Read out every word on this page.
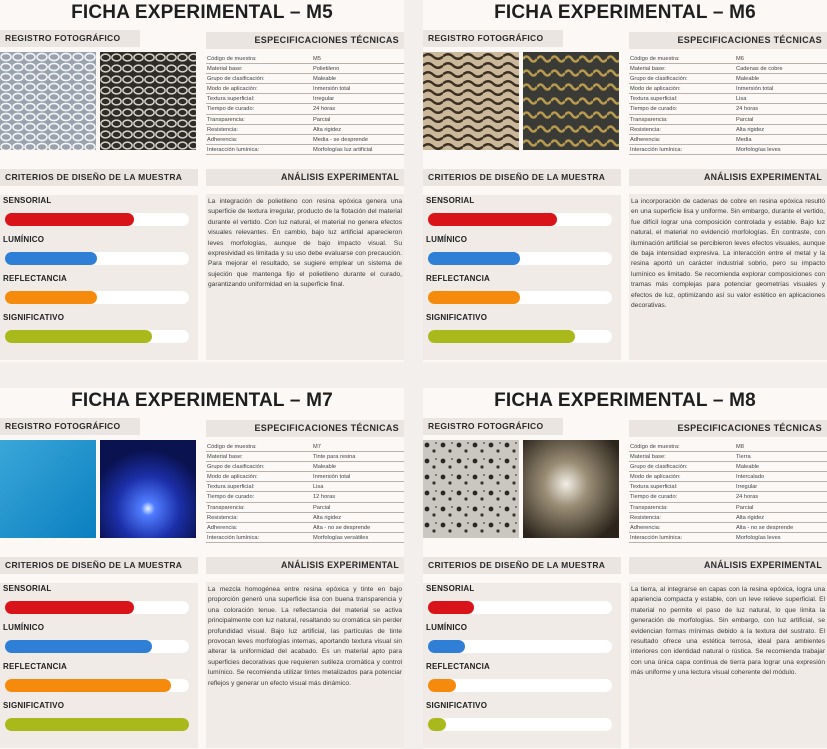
FICHA EXPERIMENTAL – M5
REGISTRO FOTOGRÁFICO	ESPECIFICACIONES TÉCNICAS
Código de muestra:	M5
Material base:	Polietileno
Grupo de clasificación:	Maleable
Modo de aplicación:	Inmersión total
Textura superficial:	Irregular
Tiempo de curado:	24 horas
Transparencia:	Parcial
Resistencia:	Alta rigidez
Adherencia:	Media - se desprende
Interacción lumínica:	Morfologías luz artificial
CRITERIOS DE DISEÑO DE LA MUESTRA	ANÁLISIS EXPERIMENTAL
SENSORIAL
LUMÍNICO
REFLECTANCIA
SIGNIFICATIVO
La integración de polietileno con resina epóxica genera una superficie de textura irregular, producto de la flotación del material durante el vertido. Con luz natural, el material no genera efectos visuales relevantes. En cambio, bajo luz artificial aparecieron leves morfologías, aunque de bajo impacto visual. Su expresividad es limitada y su uso debe evaluarse con precaución. Para mejorar el resultado, se sugiere emplear un sistema de sujeción que mantenga fijo el polietileno durante el curado, garantizando uniformidad en la superficie final.
FICHA EXPERIMENTAL – M6
REGISTRO FOTOGRÁFICO	ESPECIFICACIONES TÉCNICAS
Código de muestra:	M6
Material base:	Cadenas de cobre
Grupo de clasificación:	Maleable
Modo de aplicación:	Inmersión total
Textura superficial:	Lisa
Tiempo de curado:	24 horas
Transparencia:	Parcial
Resistencia:	Alta rigidez
Adherencia:	Media
Interacción lumínica:	Morfologías leves
CRITERIOS DE DISEÑO DE LA MUESTRA	ANÁLISIS EXPERIMENTAL
SENSORIAL
LUMÍNICO
REFLECTANCIA
SIGNIFICATIVO
La incorporación de cadenas de cobre en resina epóxica resultó en una superficie lisa y uniforme. Sin embargo, durante el vertido, fue difícil lograr una composición controlada y estable. Bajo luz natural, el material no evidenció morfologías. En contraste, con iluminación artificial se percibieron leves efectos visuales, aunque de baja intensidad expresiva. La interacción entre el metal y la resina aportó un carácter industrial sobrio, pero su impacto lumínico es limitado. Se recomienda explorar composiciones con tramas más complejas para potenciar geometrías visuales y efectos de luz, optimizando así su valor estético en aplicaciones decorativas.
FICHA EXPERIMENTAL – M7
REGISTRO FOTOGRÁFICO	ESPECIFICACIONES TÉCNICAS
Código de muestra:	M7
Material base:	Tinte para resina
Grupo de clasificación:	Maleable
Modo de aplicación:	Inmersión total
Textura superficial:	Lisa
Tiempo de curado:	12 horas
Transparencia:	Parcial
Resistencia:	Alta rigidez
Adherencia:	Alta - no se desprende
Interacción lumínica:	Morfologías versátiles
CRITERIOS DE DISEÑO DE LA MUESTRA	ANÁLISIS EXPERIMENTAL
SENSORIAL
LUMÍNICO
REFLECTANCIA
SIGNIFICATIVO
La mezcla homogénea entre resina epóxica y tinte en bajo proporción generó una superficie lisa con buena transparencia y una coloración tenue. La reflectancia del material se activa principalmente con luz natural, resaltando su cromática sin perder profundidad visual. Bajo luz artificial, las partículas de tinte provocan leves morfologías internas, aportando textura visual sin alterar la uniformidad del acabado. Es un material apto para superficies decorativas que requieren sutileza cromática y control lumínico. Se recomienda utilizar tintes metalizados para potenciar reflejos y generar un efecto visual más dinámico.
FICHA EXPERIMENTAL – M8
REGISTRO FOTOGRÁFICO	ESPECIFICACIONES TÉCNICAS
Código de muestra:	M8
Material base:	Tierra
Grupo de clasificación:	Maleable
Modo de aplicación:	Intercalado
Textura superficial:	Irregular
Tiempo de curado:	24 horas
Transparencia:	Parcial
Resistencia:	Alta rigidez
Adherencia:	Alta - no se desprende
Interacción lumínica:	Morfologías leves
CRITERIOS DE DISEÑO DE LA MUESTRA	ANÁLISIS EXPERIMENTAL
SENSORIAL
LUMÍNICO
REFLECTANCIA
SIGNIFICATIVO
La tierra, al integrarse en capas con la resina epóxica, logra una apariencia compacta y estable, con un leve relieve superficial. El material no permite el paso de luz natural, lo que limita la generación de morfologías. Sin embargo, con luz artificial, se evidencian formas mínimas debido a la textura del sustrato. El resultado ofrece una estética terrosa, ideal para ambientes interiores con identidad natural o rústica. Se recomienda trabajar con una única capa continua de tierra para lograr una expresión más uniforme y una lectura visual coherente del módulo.
